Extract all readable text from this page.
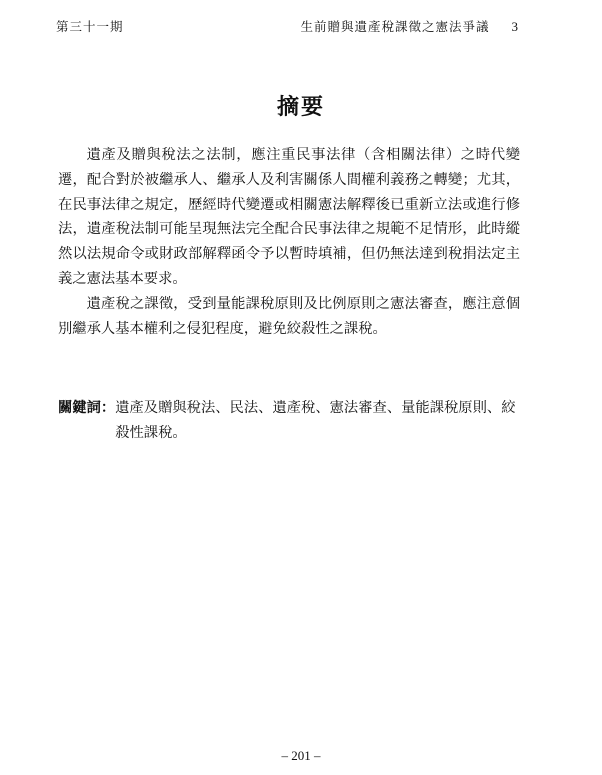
第三十一期	生前贈與遺產稅課徵之憲法爭議 3
摘要

遺產及贈與稅法之法制，應注重民事法律（含相關法律）之時代變遷，配合對於被繼承人、繼承人及利害關係人間權利義務之轉變；尤其，在民事法律之規定，歷經時代變遷或相關憲法解釋後已重新立法或進行修法，遺產稅法制可能呈現無法完全配合民事法律之規範不足情形，此時縱然以法規命令或財政部解釋函令予以暫時填補，但仍無法達到稅捐法定主義之憲法基本要求。

遺產稅之課徵，受到量能課稅原則及比例原則之憲法審查，應注意個別繼承人基本權利之侵犯程度，避免絞殺性之課稅。

關鍵詞： 遺產及贈與稅法、民法、遺產稅、憲法審查、量能課稅原則、絞殺性課稅。
– 201 –
